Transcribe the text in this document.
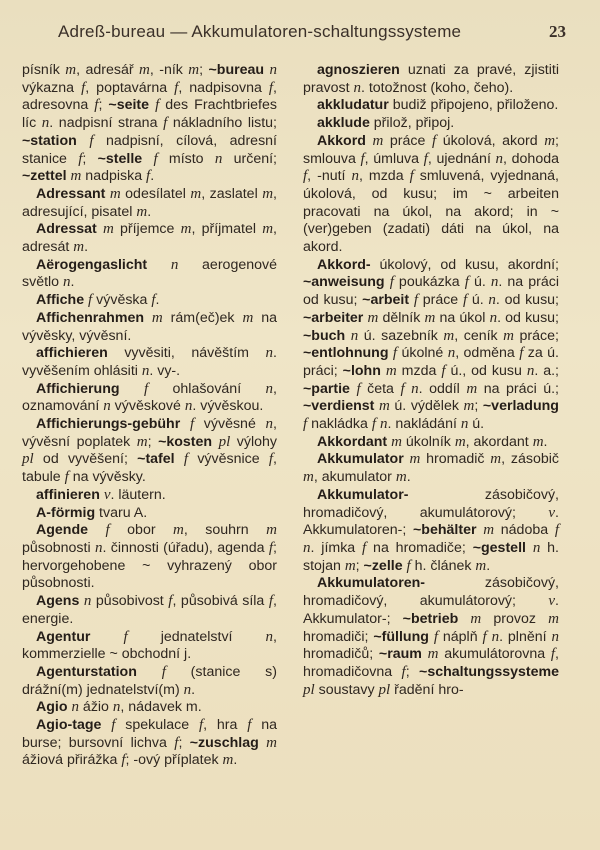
Adreß-bureau — Akkumulatoren-schaltungssysteme	23

písník m, adresář m, -ník m; ~bureau n výkazna f, poptavárna f, nadpisovna f, adresovna f; ~seite f des Frachtbriefes líc n. nadpisní strana f nákladního listu; ~station f nadpisní, cílová, adresní stanice f; ~stelle f místo n určení; ~zettel m nadpiska f.

Adressant m odesílatel m, zaslatel m, adresující, pisatel m.

Adressat m příjemce m, příjmatel m, adresát m.

Aërogengaslicht n aerogenové světlo n.

Affiche f vývěska f.

Affichenrahmen m rám(eč)ek m na vývěsky, vývěsní.

affichieren vyvěsiti, návěštím n. vyvěšením ohlásiti n. vy-.

Affichierung f ohlašování n, oznamování n vývěskové n. vývěskou.

Affichierungs-gebühr f vývěsné n, vývěsní poplatek m; ~kosten pl výlohy pl od vyvěšení; ~tafel f vývěsnice f, tabule f na vývěsky.

affinieren v. läutern.

A-förmig tvaru A.

Agende f obor m, souhrn m působnosti n. činnosti (úřadu), agenda f; hervorgehobene ~ vyhrazený obor působnosti.

Agens n působivost f, působivá síla f, energie.

Agentur f jednatelství n, kommerzielle ~ obchodní j.

Agenturstation f (stanice s) drážní(m) jednatelství(m) n.

Agio n ážio n, nádavek m.

Agio-tage f spekulace f, hra f na burse; bursovní lichva f; ~zuschlag m ážiová přirážka f; -ový příplatek m.

agnoszieren uznati za pravé, zjistiti pravost n. totožnost (koho, čeho).

akkludatur budiž připojeno, přiloženo.

akklude přilož, připoj.

Akkord m práce f úkolová, akord m; smlouva f, úmluva f, ujednání n, dohoda f, -nutí n, mzda f smluvená, vyjednaná, úkolová, od kusu; im ~ arbeiten pracovati na úkol, na akord; in ~ (ver)geben (zadati) dáti na úkol, na akord.

Akkord- úkolový, od kusu, akordní; ~anweisung f poukázka f ú. n. na práci od kusu; ~arbeit f práce f ú. n. od kusu; ~arbeiter m dělník m na úkol n. od kusu; ~buch n ú. sazebník m, ceník m práce; ~entlohnung f úkolné n, odměna f za ú. práci; ~lohn m mzda f ú., od kusu n. a.; ~partie f četa f n. oddíl m na práci ú.; ~verdienst m ú. výdělek m; ~verladung f nakládka f n. nakládání n ú.

Akkordant m úkolník m, akordant m.

Akkumulator m hromadič m, zásobič m, akumulator m.

Akkumulator- zásobičový, hromadičový, akumulátorový; v. Akkumulatoren-; ~behälter m nádoba f n. jímka f na hromadiče; ~gestell n h. stojan m; ~zelle f h. článek m.

Akkumulatoren- zásobičový, hromadičový, akumulátorový; v. Akkumulator-; ~betrieb m provoz m hromadiči; ~füllung f náplň f n. plnění n hromadičů; ~raum m akumulátorovna f, hromadičovna f; ~schaltungssysteme pl soustavy pl řadění hro-
